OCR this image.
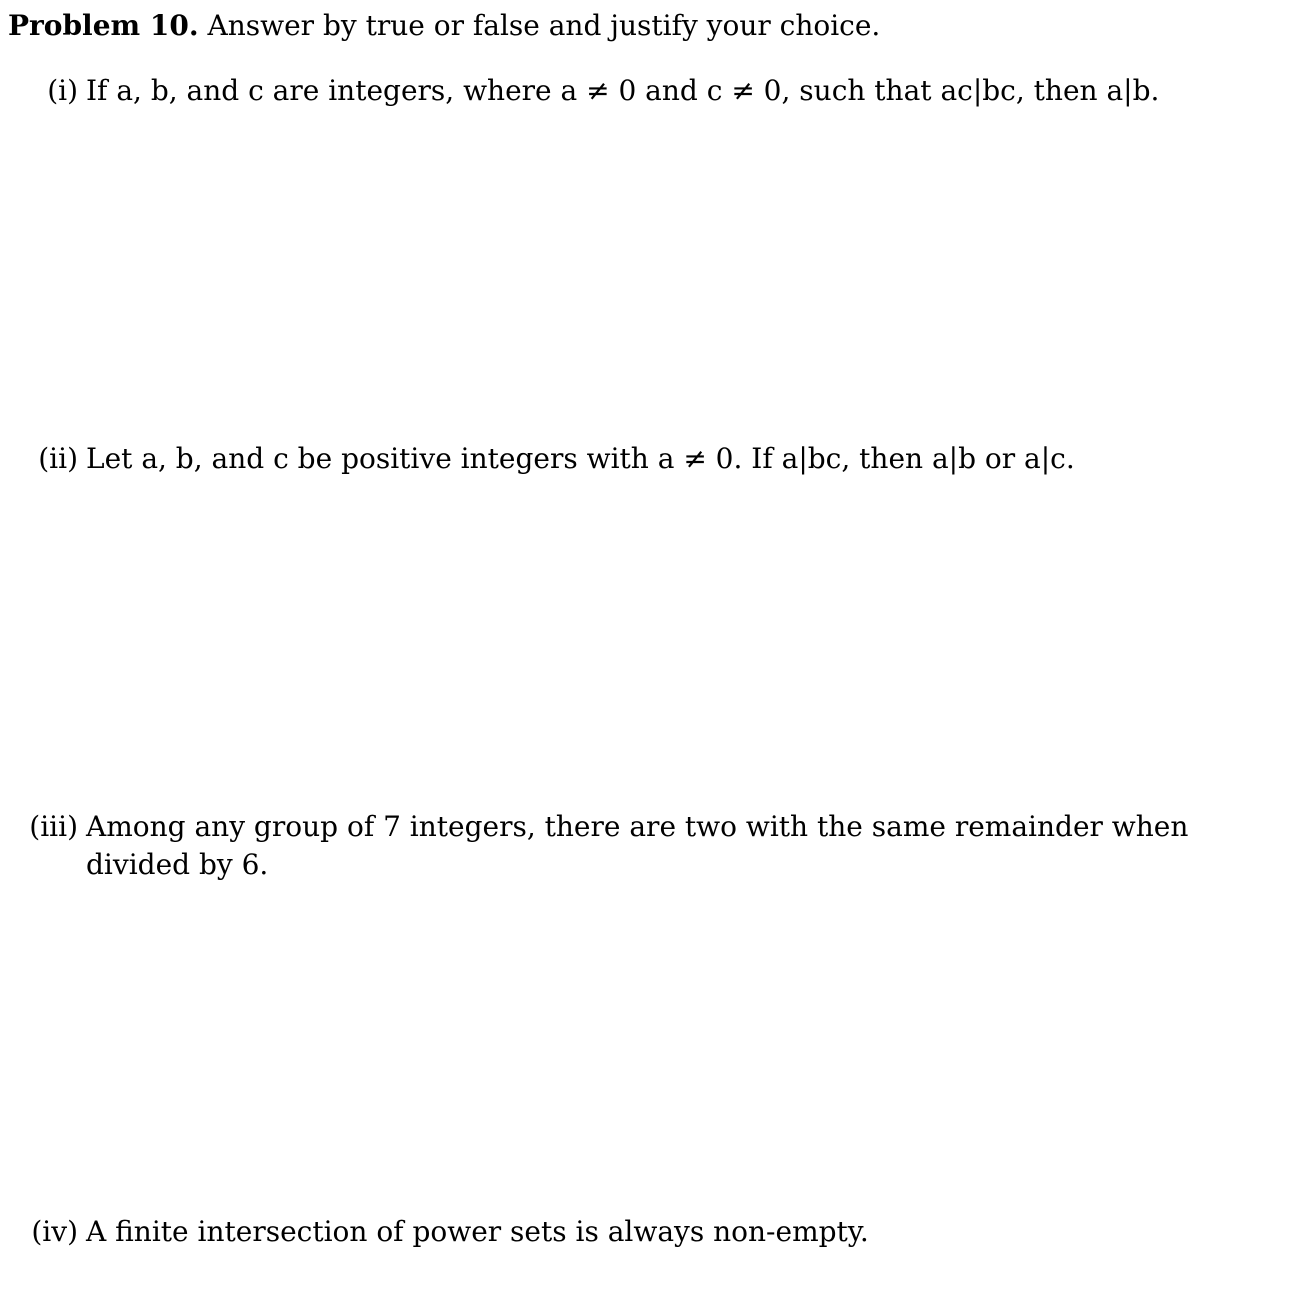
Problem 10. Answer by true or false and justify your choice.
(i) If a, b, and c are integers, where a ≠ 0 and c ≠ 0, such that ac|bc, then a|b.
(ii) Let a, b, and c be positive integers with a ≠ 0. If a|bc, then a|b or a|c.
(iii) Among any group of 7 integers, there are two with the same remainder when divided by 6.
(iv) A finite intersection of power sets is always non-empty.
